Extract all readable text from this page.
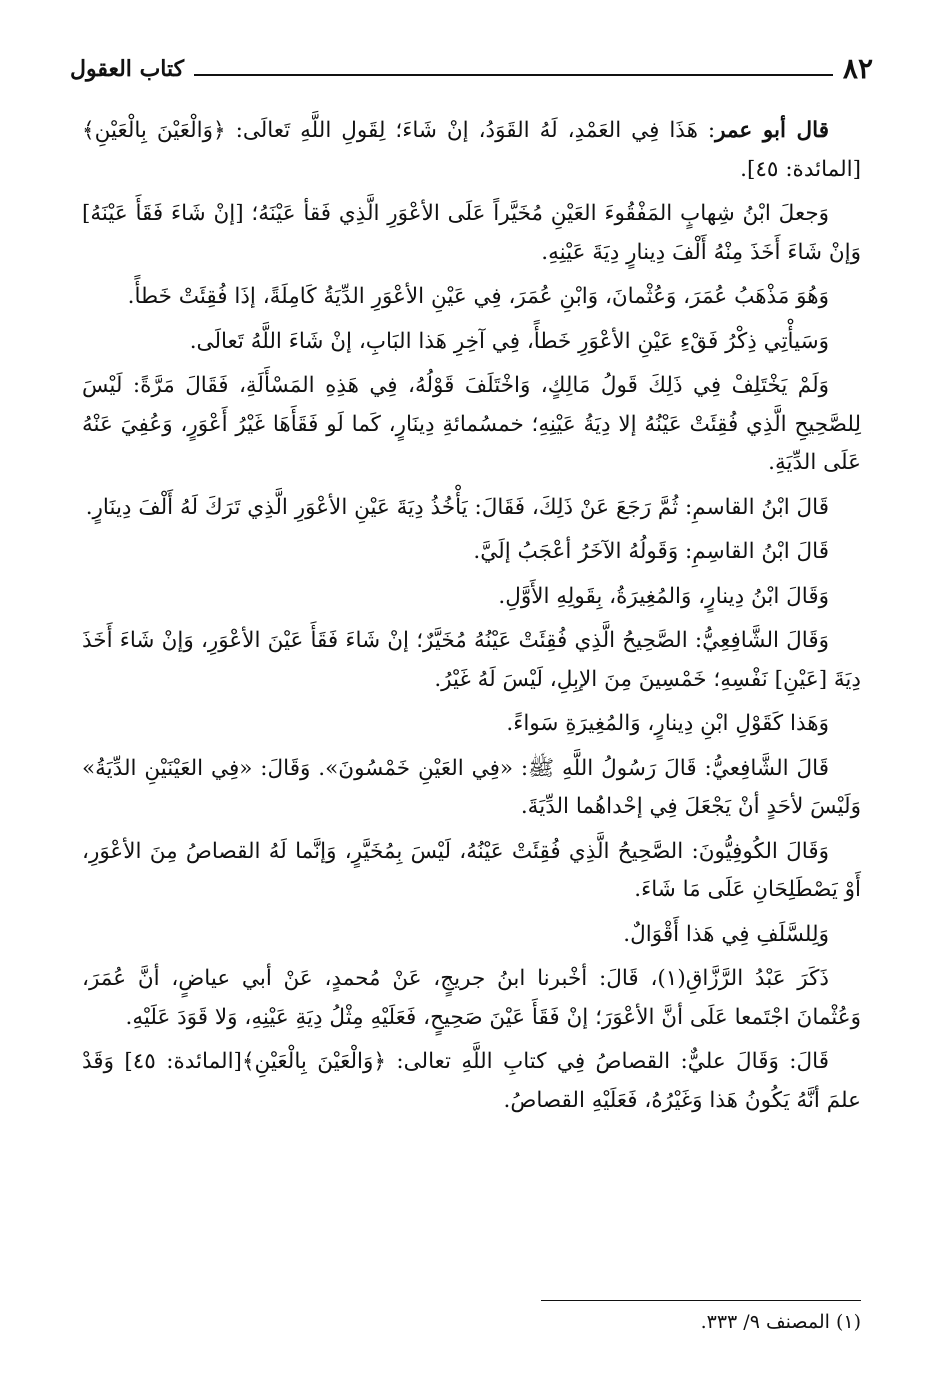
٨٢
كتاب العقول

قال أبو عمر: هَذَا فِي العَمْدِ، لَهُ القَوَدُ، إنْ شَاءَ؛ لِقَولِ اللَّهِ تَعالَى: ﴿وَالْعَيْنَ بِالْعَيْنِ﴾ [المائدة: ٤٥].

وَجعلَ ابْنُ شِهابٍ المَفْقُوءَ العَيْنِ مُخَيَّراً عَلَى الأعْوَرِ الَّذِي فَقأ عَيْنَهُ؛ [إنْ شَاءَ فَقَأَ عَيْنَهُ] وَإنْ شَاءَ أَخَذَ مِنْهُ أَلْفَ دِينارٍ دِيَةَ عَيْنِهِ.

وَهُوَ مَذْهَبُ عُمَرَ، وَعُثْمانَ، وَابْنِ عُمَرَ، فِي عَيْنِ الأعْوَرِ الدِّيَةُ كَامِلَةً، إذَا فُقِئَتْ خَطأً.

وَسَيأْتِي ذِكْرُ فَقْءِ عَيْنِ الأعْوَرِ خَطأً، فِي آخِرِ هَذا البَابِ، إنْ شَاءَ اللَّهُ تَعالَى.

وَلَمْ يَخْتَلِفْ فِي ذَلِكَ قَولُ مَالِكٍ، وَاخْتَلَفَ قَوْلُهُ، فِي هَذِهِ المَسْأَلَةِ، فَقَالَ مَرَّةً: لَيْسَ لِلصَّحِيحِ الَّذِي فُقِئَتْ عَيْنُهُ إلا دِيَةُ عَيْنِهِ؛ خمسُمائةِ دِينَارٍ، كَما لَو فَقَأَهَا غَيْرُ أَعْوَرٍ، وَعُفِيَ عَنْهُ عَلَى الدِّيَةِ.

قَالَ ابْنُ القاسمِ: ثُمَّ رَجَعَ عَنْ ذَلِكَ، فَقَالَ: يَأْخُذُ دِيَةَ عَيْنِ الأعْوَرِ الَّذِي تَرَكَ لَهُ أَلْفَ دِينَارٍ.

قَالَ ابْنُ القاسِمِ: وَقَولُهُ الآخَرُ أعْجَبُ إلَيَّ.

وَقَالَ ابْنُ دِينارٍ، وَالمُغِيرَةُ، بِقَولِهِ الأَوَّلِ.

وَقَالَ الشَّافِعِيُّ: الصَّحِيحُ الَّذِي فُقِئَتْ عَيْنُهُ مُخَيَّرٌ؛ إنْ شَاءَ فَقَأَ عَيْنَ الأعْوَرِ، وَإنْ شَاءَ أَخَذَ دِيَةَ [عَيْنِ] نَفْسِهِ؛ خَمْسِينَ مِنَ الإبِلِ، لَيْسَ لَهُ غَيْرُ.

وَهَذا كَقَوْلِ ابْنِ دِينارٍ، وَالمُغِيرَةِ سَواءً.

قَالَ الشَّافِعيُّ: قَالَ رَسُولُ اللَّهِ ﷺ: «فِي العَيْنِ خَمْسُونَ». وَقَالَ: «فِي العَيْنَيْنِ الدِّيَةُ» وَلَيْسَ لأحَدٍ أنْ يَجْعَلَ فِي إحْداهُما الدِّيَةَ.

وَقَالَ الكُوفِيُّونَ: الصَّحِيحُ الَّذِي فُقِئَتْ عَيْنُهُ، لَيْسَ بِمُخَيَّرٍ، وَإنَّما لَهُ القصاصُ مِنَ الأعْوَرِ، أَوْ يَصْطَلِحَانِ عَلَى مَا شَاءَ.

وَلِلسَّلَفِ فِي هَذا أَقْوَالٌ.

ذَكَرَ عَبْدُ الرَّزَّاقِ(١)، قَالَ: أخْبرنا ابنُ جريجٍ، عَنْ مُحمدٍ، عَنْ أبي عياضٍ، أنَّ عُمَرَ، وَعُثْمانَ اجْتَمعا عَلَى أنَّ الأعْوَرَ؛ إنْ فَقَأَ عَيْنَ صَحِيحٍ، فَعَلَيْهِ مِثْلُ دِيَةِ عَيْنِهِ، وَلا قَوَدَ عَلَيْهِ.

قَالَ: وَقَالَ عليٌّ: القصاصُ فِي كتابِ اللَّهِ تعالى: ﴿وَالْعَيْنَ بِالْعَيْنِ﴾[المائدة: ٤٥] وَقَدْ علمَ أنَّهُ يَكُونُ هَذا وَغَيْرُهُ، فَعَلَيْهِ القصاصُ.

(١) المصنف ٩/ ٣٣٣.
